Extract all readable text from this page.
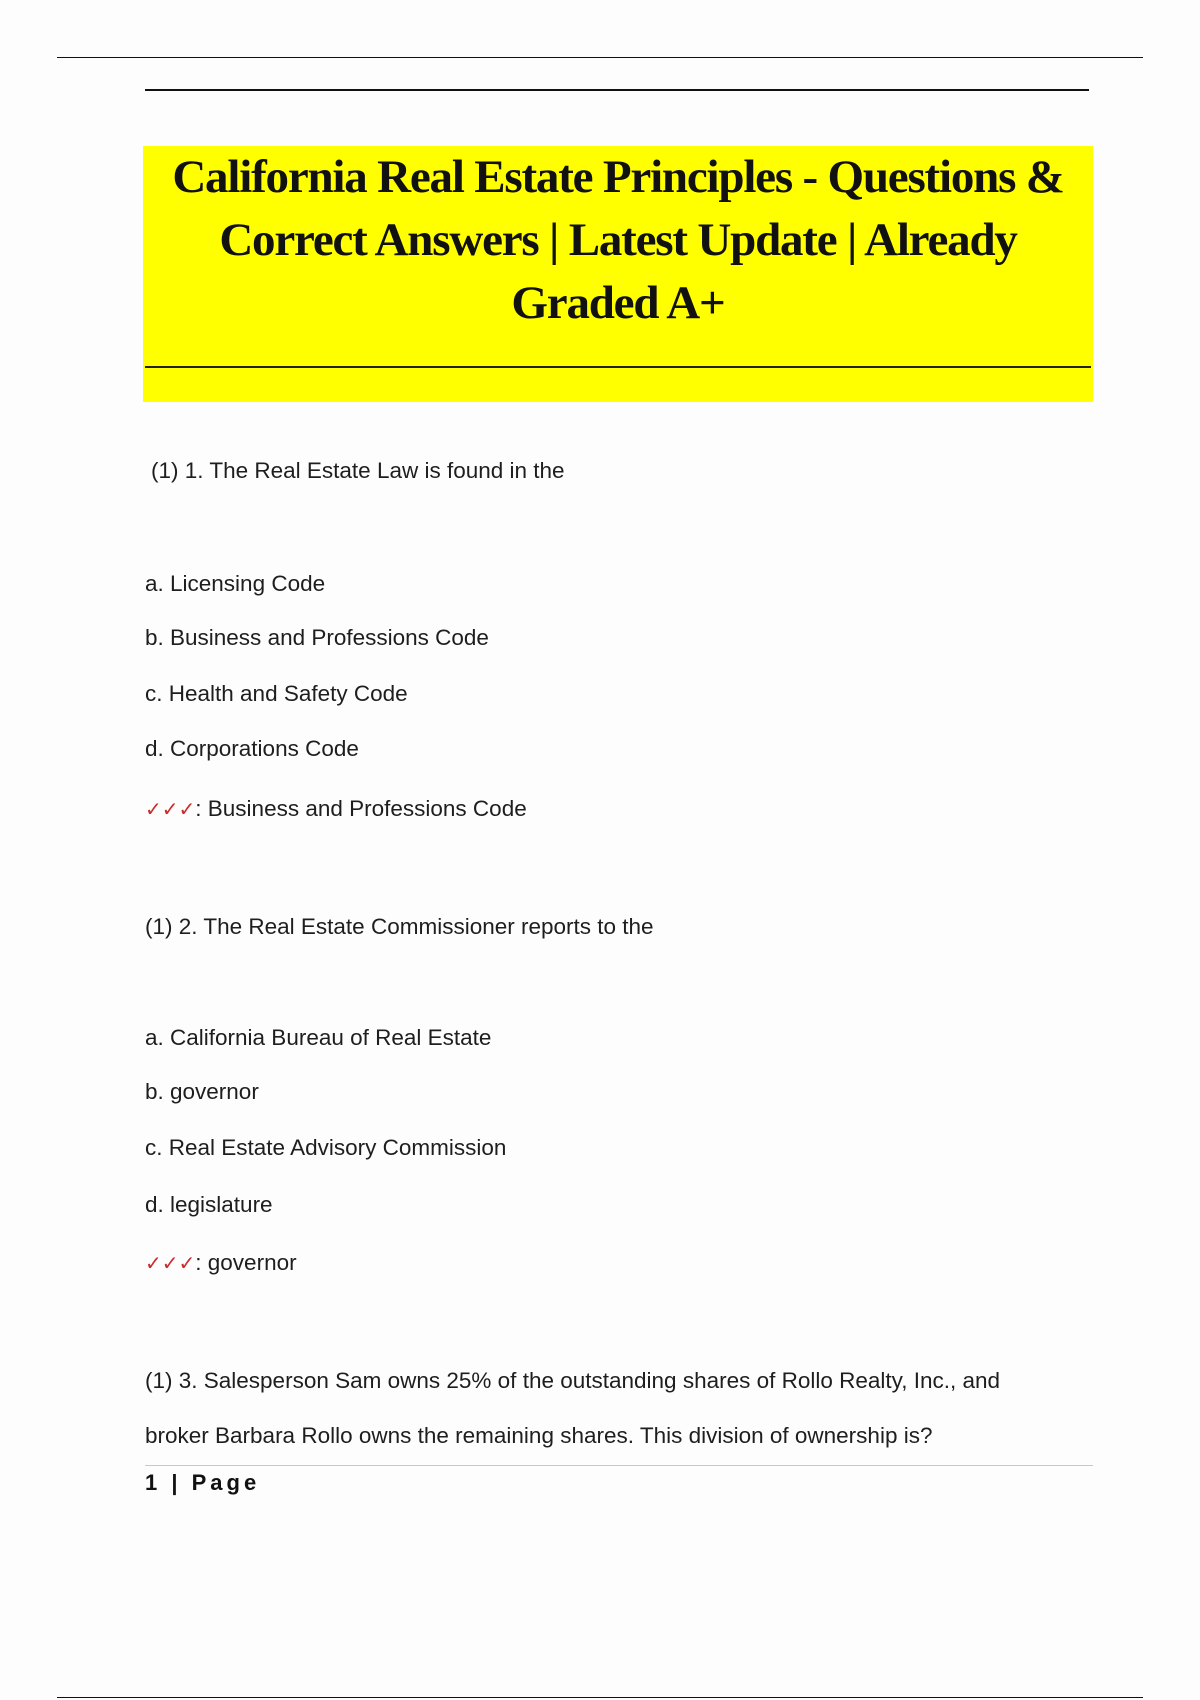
California Real Estate Principles - Questions &
Correct Answers | Latest Update | Already
Graded A+
(1) 1. The Real Estate Law is found in the
a. Licensing Code
b. Business and Professions Code
c. Health and Safety Code
d. Corporations Code
✓✓✓: Business and Professions Code
(1) 2. The Real Estate Commissioner reports to the
a. California Bureau of Real Estate
b. governor
c. Real Estate Advisory Commission
d. legislature
✓✓✓: governor
(1) 3. Salesperson Sam owns 25% of the outstanding shares of Rollo Realty, Inc., and
broker Barbara Rollo owns the remaining shares. This division of ownership is?
1 | Page
